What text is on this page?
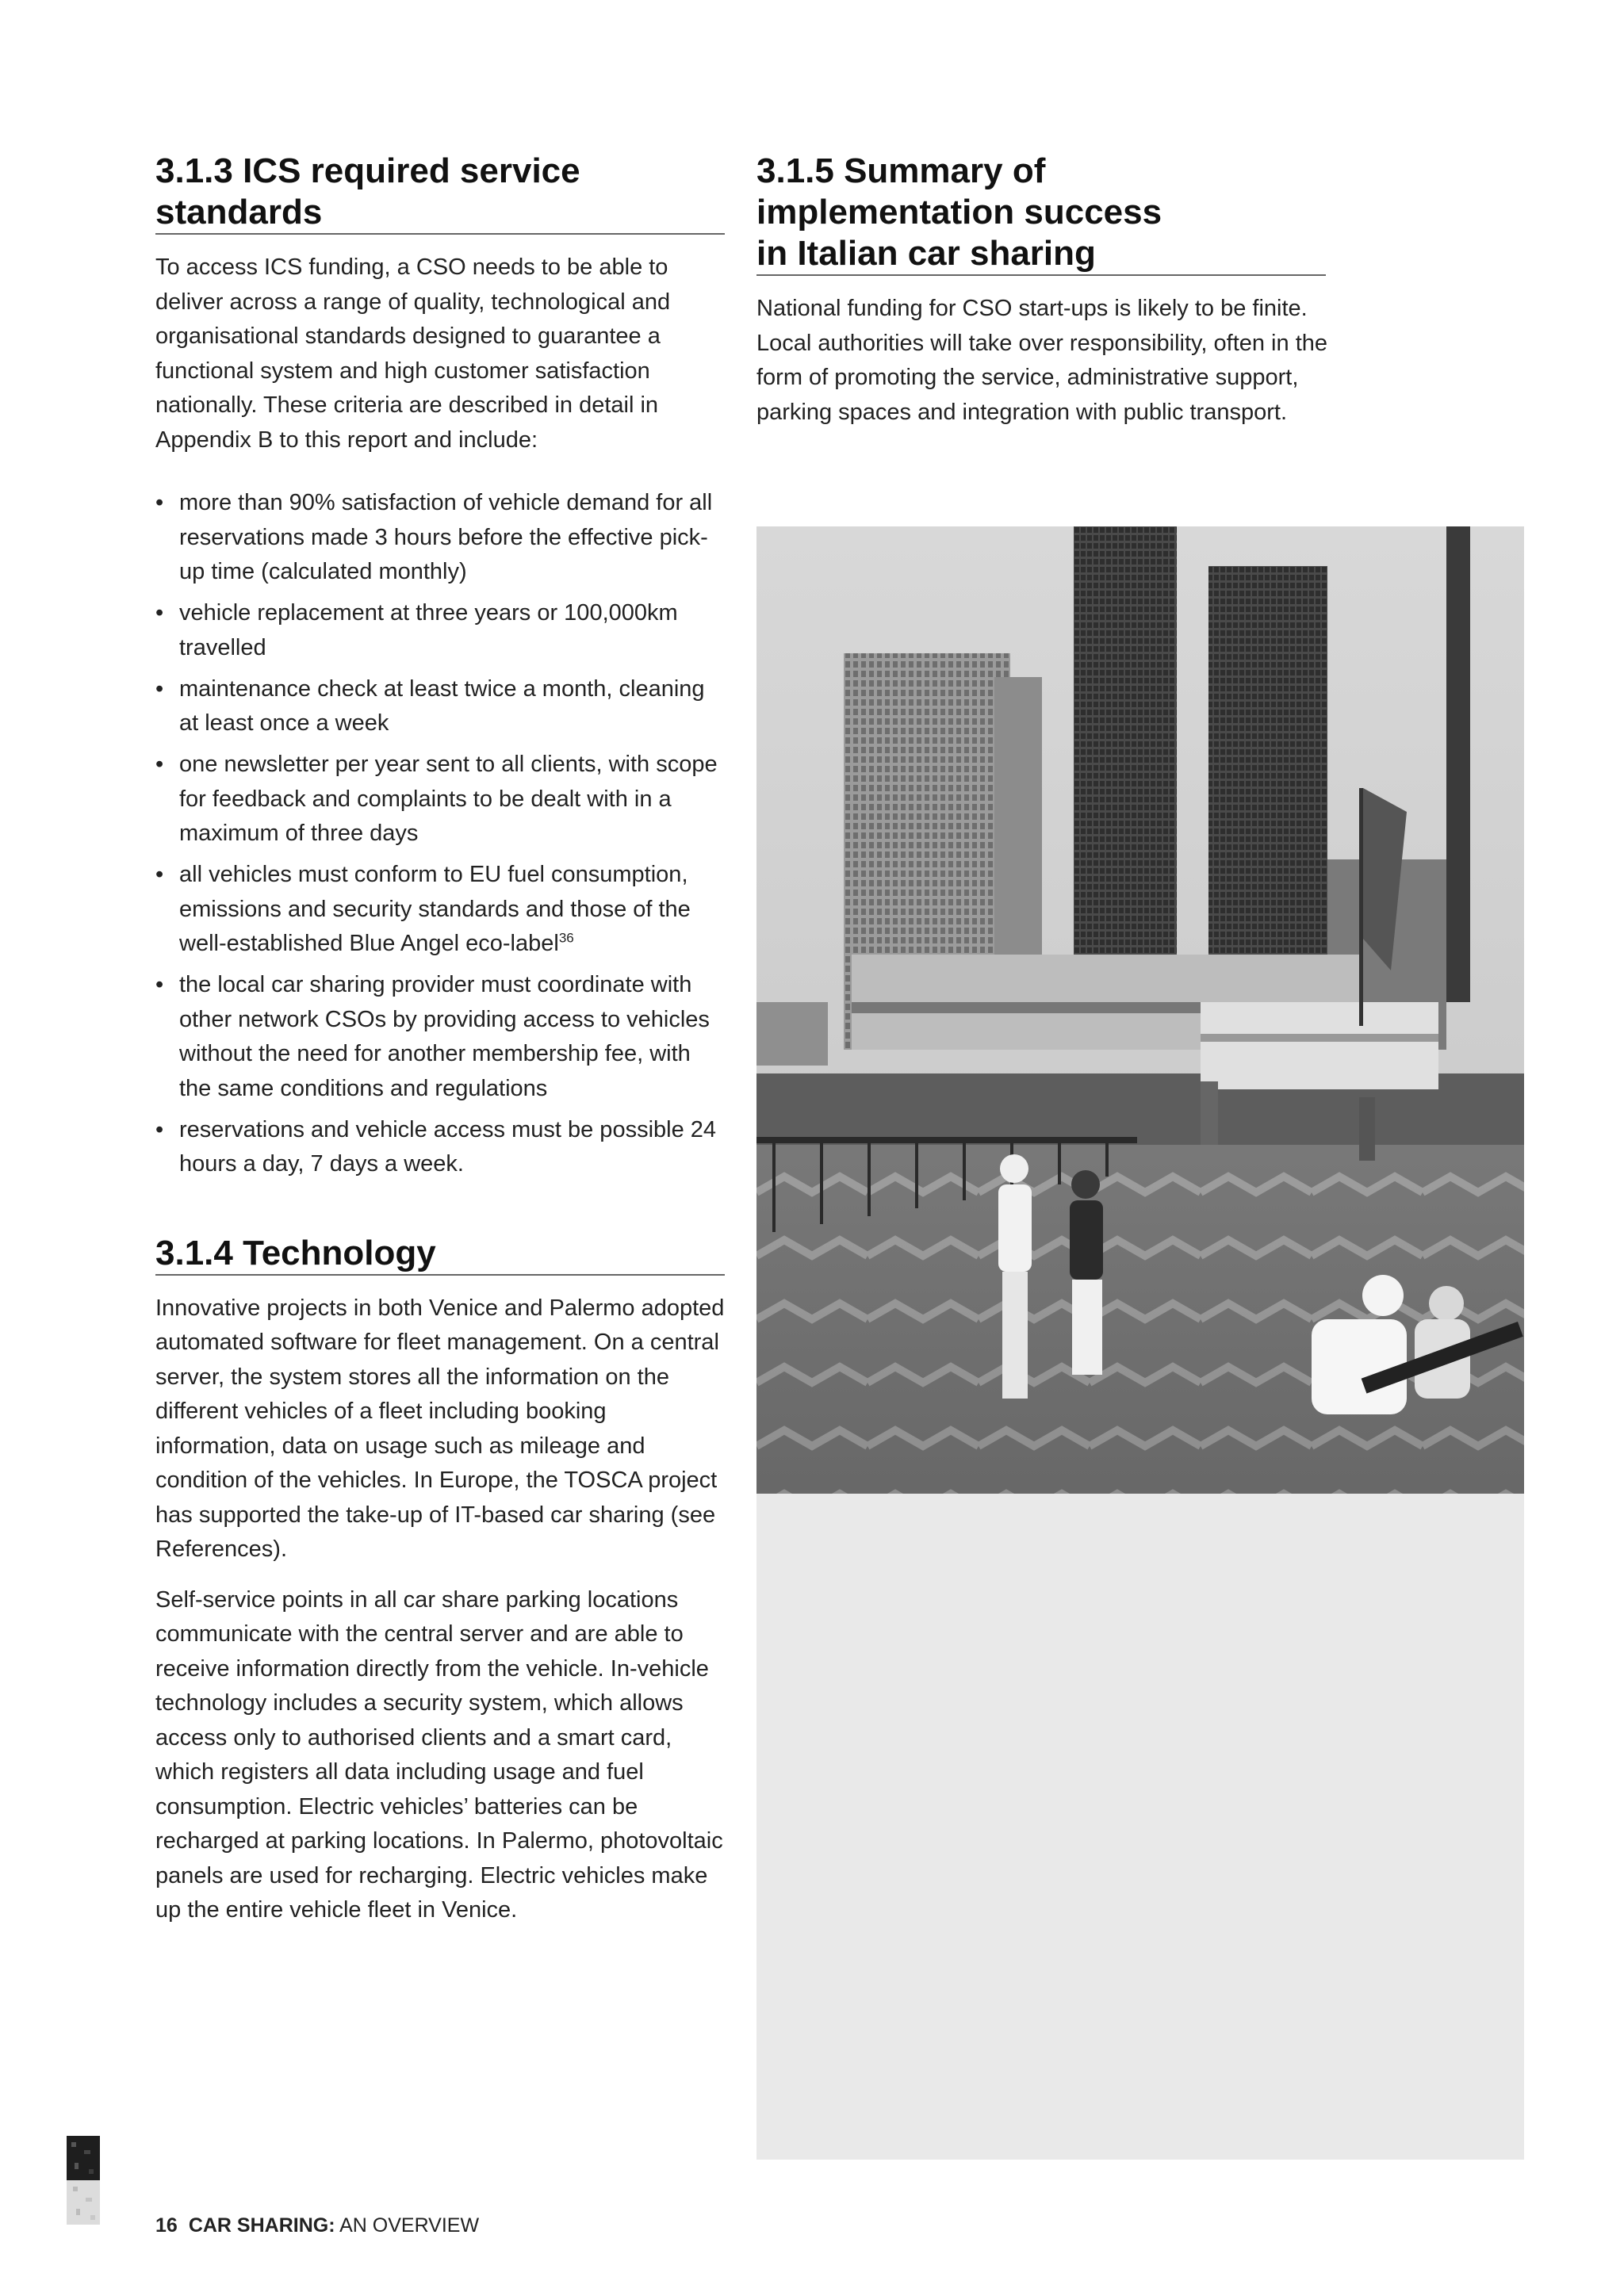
3.1.3 ICS required service
standards

To access ICS funding, a CSO needs to be able to deliver across a range of quality, technological and organisational standards designed to guarantee a functional system and high customer satisfaction nationally. These criteria are described in detail in Appendix B to this report and include:

• more than 90% satisfaction of vehicle demand for all reservations made 3 hours before the effective pick-up time (calculated monthly)
• vehicle replacement at three years or 100,000km travelled
• maintenance check at least twice a month, cleaning at least once a week
• one newsletter per year sent to all clients, with scope for feedback and complaints to be dealt with in a maximum of three days
• all vehicles must conform to EU fuel consumption, emissions and security standards and those of the well-established Blue Angel eco-label$^{36}$
• the local car sharing provider must coordinate with other network CSOs by providing access to vehicles without the need for another membership fee, with the same conditions and regulations
• reservations and vehicle access must be possible 24 hours a day, 7 days a week.
3.1.4 Technology

Innovative projects in both Venice and Palermo adopted automated software for fleet management. On a central server, the system stores all the information on the different vehicles of a fleet including booking information, data on usage such as mileage and condition of the vehicles. In Europe, the TOSCA project has supported the take-up of IT-based car sharing (see References).

Self-service points in all car share parking locations communicate with the central server and are able to receive information directly from the vehicle. In-vehicle technology includes a security system, which allows access only to authorised clients and a smart card, which registers all data including usage and fuel consumption. Electric vehicles’ batteries can be recharged at parking locations. In Palermo, photovoltaic panels are used for recharging. Electric vehicles make up the entire vehicle fleet in Venice.

3.1.5 Summary of
implementation success
in Italian car sharing

National funding for CSO start-ups is likely to be finite. Local authorities will take over responsibility, often in the form of promoting the service, administrative support, parking spaces and integration with public transport.

16 CAR SHARING: AN OVERVIEW
